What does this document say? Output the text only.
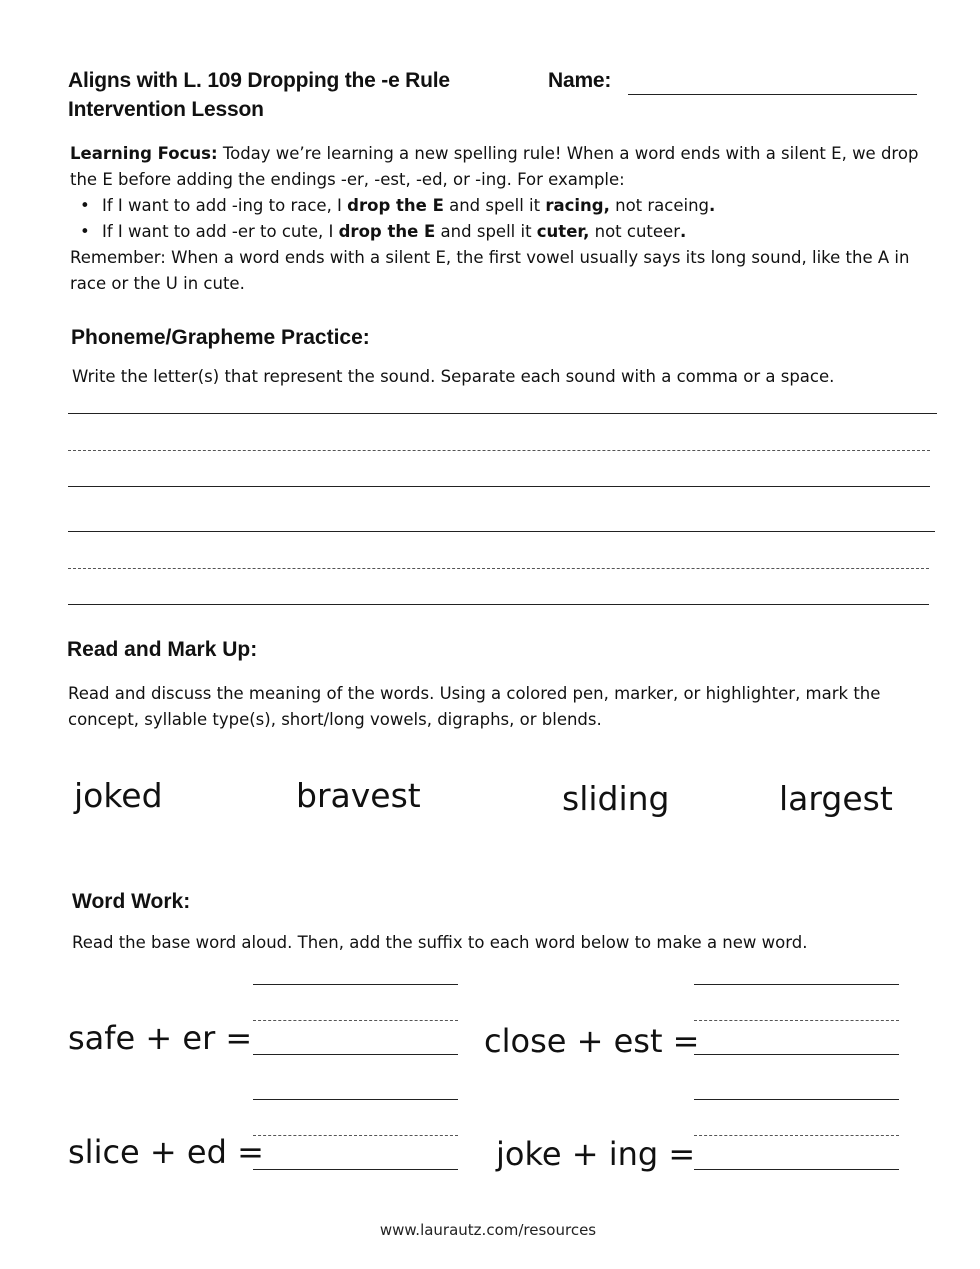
Aligns with L. 109 Dropping the -e Rule
Intervention Lesson
Name:
Learning Focus: Today we’re learning a new spelling rule! When a word ends with a silent E, we drop the E before adding the endings -er, -est, -ed, or -ing. For example:
• If I want to add -ing to race, I drop the E and spell it racing, not raceing.
• If I want to add -er to cute, I drop the E and spell it cuter, not cuteer.
Remember: When a word ends with a silent E, the first vowel usually says its long sound, like the A in race or the U in cute.
Phoneme/Grapheme Practice:
Write the letter(s) that represent the sound. Separate each sound with a comma or a space.
Read and Mark Up:
Read and discuss the meaning of the words. Using a colored pen, marker, or highlighter, mark the concept, syllable type(s), short/long vowels, digraphs, or blends.
joked	bravest	sliding	largest
Word Work:
Read the base word aloud. Then, add the suffix to each word below to make a new word.
safe + er =	close + est =
slice + ed =	joke + ing =
www.laurautz.com/resources
